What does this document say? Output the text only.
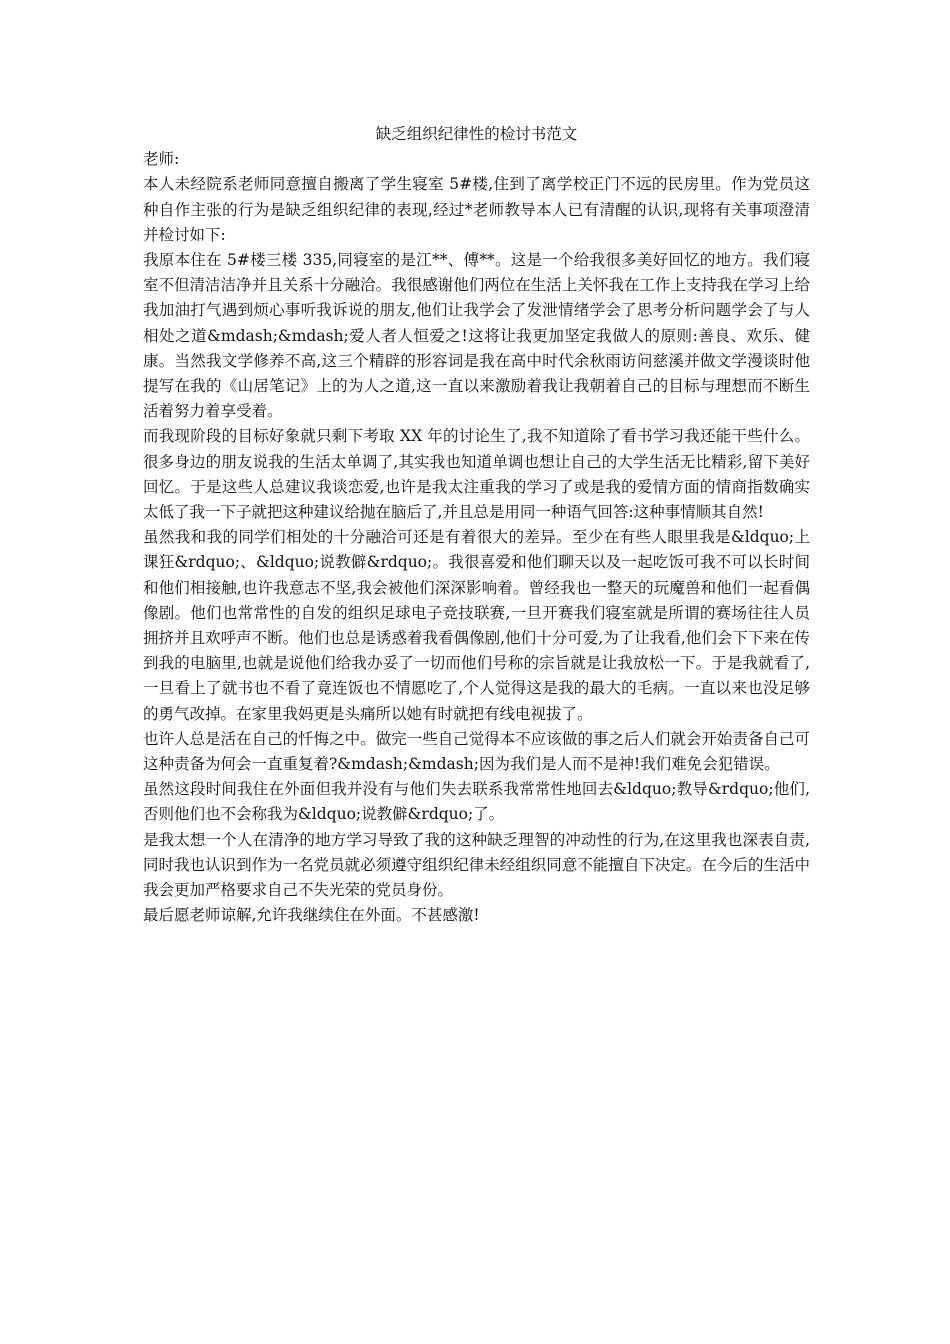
缺乏组织纪律性的检讨书范文

老师:

本人未经院系老师同意擅自搬离了学生寝室 5#楼,住到了离学校正门不远的民房里。作为党员这种自作主张的行为是缺乏组织纪律的表现,经过*老师教导本人已有清醒的认识,现将有关事项澄清并检讨如下:

我原本住在 5#楼三楼 335,同寝室的是江**、傅**。这是一个给我很多美好回忆的地方。我们寝室不但清洁洁净并且关系十分融洽。我很感谢他们两位在生活上关怀我在工作上支持我在学习上给我加油打气遇到烦心事听我诉说的朋友,他们让我学会了发泄情绪学会了思考分析问题学会了与人相处之道&mdash;&mdash;爱人者人恒爱之!这将让我更加坚定我做人的原则:善良、欢乐、健康。当然我文学修养不高,这三个精辟的形容词是我在高中时代余秋雨访问慈溪并做文学漫谈时他提写在我的《山居笔记》上的为人之道,这一直以来激励着我让我朝着自己的目标与理想而不断生活着努力着享受着。

而我现阶段的目标好象就只剩下考取 XX 年的讨论生了,我不知道除了看书学习我还能干些什么。很多身边的朋友说我的生活太单调了,其实我也知道单调也想让自己的大学生活无比精彩,留下美好回忆。于是这些人总建议我谈恋爱,也许是我太注重我的学习了或是我的爱情方面的情商指数确实太低了我一下子就把这种建议给抛在脑后了,并且总是用同一种语气回答:这种事情顺其自然!

虽然我和我的同学们相处的十分融洽可还是有着很大的差异。至少在有些人眼里我是&ldquo;上课狂&rdquo;、&ldquo;说教僻&rdquo;。我很喜爱和他们聊天以及一起吃饭可我不可以长时间和他们相接触,也许我意志不坚,我会被他们深深影响着。曾经我也一整天的玩魔兽和他们一起看偶像剧。他们也常常性的自发的组织足球电子竞技联赛,一旦开赛我们寝室就是所谓的赛场往往人员拥挤并且欢呼声不断。他们也总是诱惑着我看偶像剧,他们十分可爱,为了让我看,他们会下下来在传到我的电脑里,也就是说他们给我办妥了一切而他们号称的宗旨就是让我放松一下。于是我就看了,一旦看上了就书也不看了竟连饭也不情愿吃了,个人觉得这是我的最大的毛病。一直以来也没足够的勇气改掉。在家里我妈更是头痛所以她有时就把有线电视拔了。

也许人总是活在自己的忏悔之中。做完一些自己觉得本不应该做的事之后人们就会开始责备自己可这种责备为何会一直重复着?&mdash;&mdash;因为我们是人而不是神!我们难免会犯错误。

虽然这段时间我住在外面但我并没有与他们失去联系我常常性地回去&ldquo;教导&rdquo;他们,否则他们也不会称我为&ldquo;说教僻&rdquo;了。

是我太想一个人在清净的地方学习导致了我的这种缺乏理智的冲动性的行为,在这里我也深表自责,同时我也认识到作为一名党员就必须遵守组织纪律未经组织同意不能擅自下决定。在今后的生活中我会更加严格要求自己不失光荣的党员身份。

最后愿老师谅解,允许我继续住在外面。不甚感激!
